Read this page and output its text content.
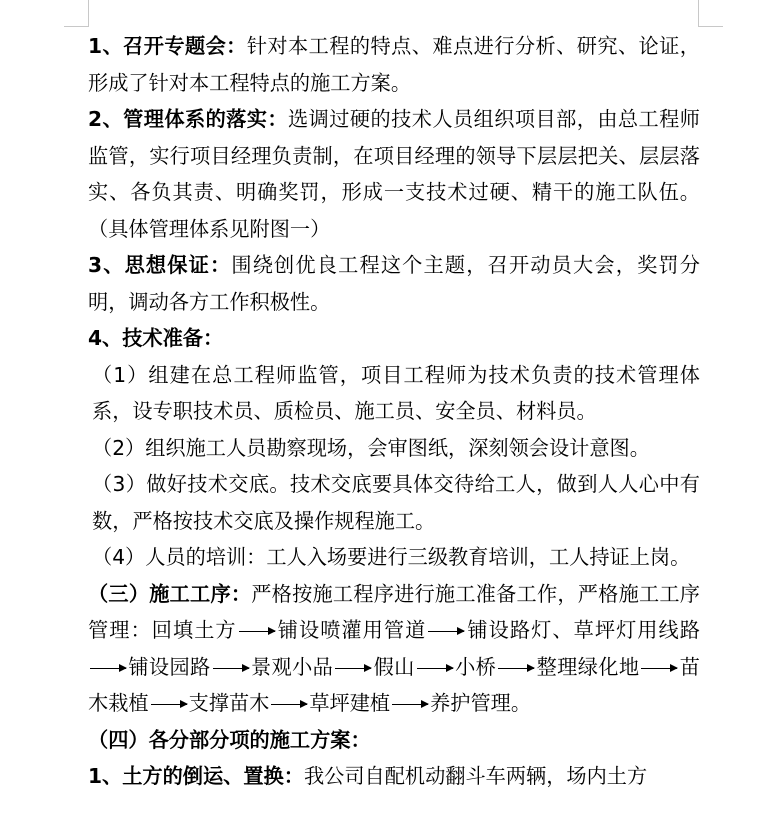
1、召开专题会：针对本工程的特点、难点进行分析、研究、论证，形成了针对本工程特点的施工方案。

2、管理体系的落实：选调过硬的技术人员组织项目部，由总工程师监管，实行项目经理负责制，在项目经理的领导下层层把关、层层落实、各负其责、明确奖罚，形成一支技术过硬、精干的施工队伍。（具体管理体系见附图一）

3、思想保证：围绕创优良工程这个主题，召开动员大会，奖罚分明，调动各方工作积极性。

4、技术准备：

（1）组建在总工程师监管，项目工程师为技术负责的技术管理体系，设专职技术员、质检员、施工员、安全员、材料员。

（2）组织施工人员勘察现场，会审图纸，深刻领会设计意图。

（3）做好技术交底。技术交底要具体交待给工人，做到人人心中有数，严格按技术交底及操作规程施工。

（4）人员的培训：工人入场要进行三级教育培训，工人持证上岗。

（三）施工工序：严格按施工程序进行施工准备工作，严格施工工序管理：回填土方 铺设喷灌用管道 铺设路灯、草坪灯用线路铺设园路 景观小品 假山 小桥 整理绿化地 苗木栽植 支撑苗木 草坪建植 养护管理。

（四）各分部分项的施工方案：

1、土方的倒运、置换：我公司自配机动翻斗车两辆，场内土方
